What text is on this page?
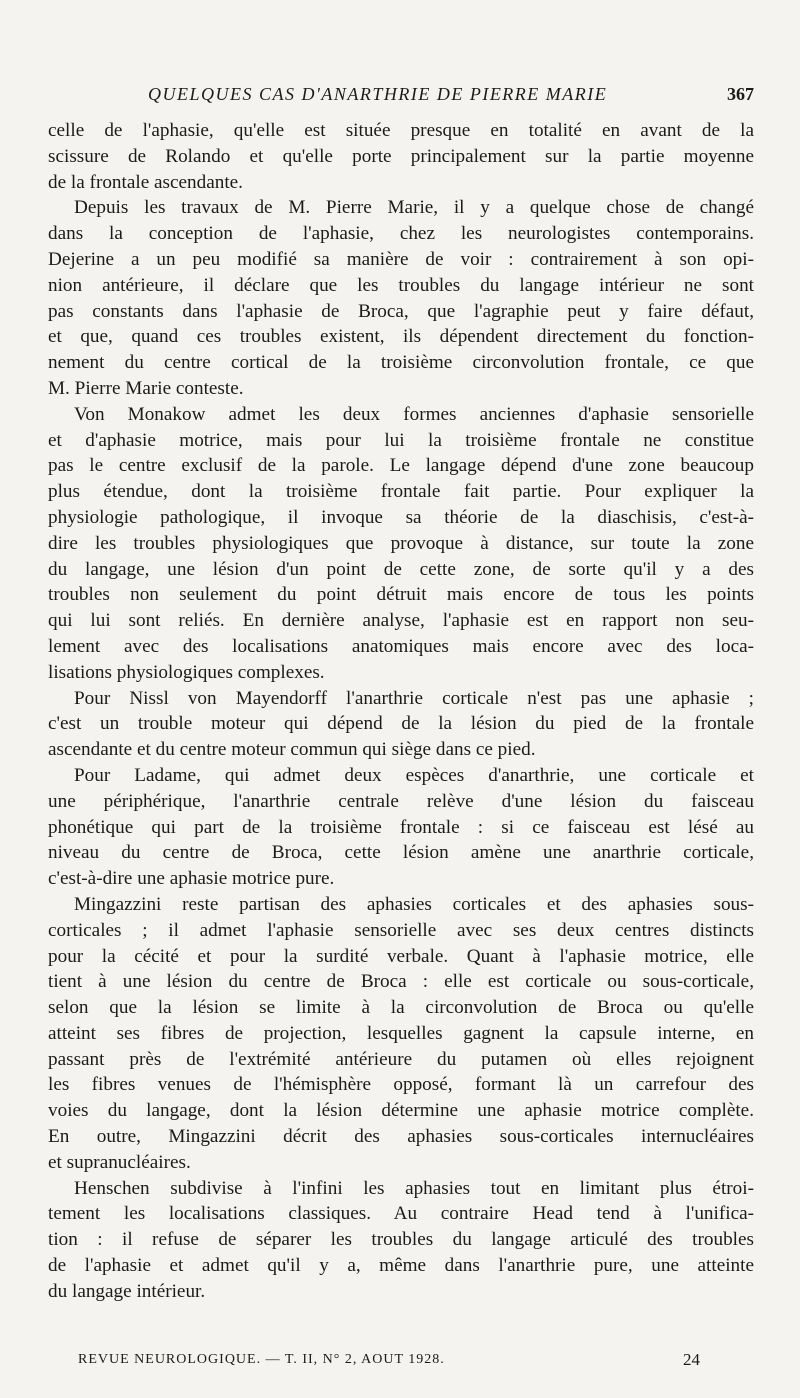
QUELQUES CAS D'ANARTHRIE DE PIERRE MARIE	367
celle de l'aphasie, qu'elle est située presque en totalité en avant de la
scissure de Rolando et qu'elle porte principalement sur la partie moyenne
de la frontale ascendante.
Depuis les travaux de M. Pierre Marie, il y a quelque chose de changé
dans la conception de l'aphasie, chez les neurologistes contemporains.
Dejerine a un peu modifié sa manière de voir : contrairement à son opi-
nion antérieure, il déclare que les troubles du langage intérieur ne sont
pas constants dans l'aphasie de Broca, que l'agraphie peut y faire défaut,
et que, quand ces troubles existent, ils dépendent directement du fonction-
nement du centre cortical de la troisième circonvolution frontale, ce que
M. Pierre Marie conteste.
Von Monakow admet les deux formes anciennes d'aphasie sensorielle
et d'aphasie motrice, mais pour lui la troisième frontale ne constitue
pas le centre exclusif de la parole. Le langage dépend d'une zone beaucoup
plus étendue, dont la troisième frontale fait partie. Pour expliquer la
physiologie pathologique, il invoque sa théorie de la diaschisis, c'est-à-
dire les troubles physiologiques que provoque à distance, sur toute la zone
du langage, une lésion d'un point de cette zone, de sorte qu'il y a des
troubles non seulement du point détruit mais encore de tous les points
qui lui sont reliés. En dernière analyse, l'aphasie est en rapport non seu-
lement avec des localisations anatomiques mais encore avec des loca-
lisations physiologiques complexes.
Pour Nissl von Mayendorff l'anarthrie corticale n'est pas une aphasie ;
c'est un trouble moteur qui dépend de la lésion du pied de la frontale
ascendante et du centre moteur commun qui siège dans ce pied.
Pour Ladame, qui admet deux espèces d'anarthrie, une corticale et
une périphérique, l'anarthrie centrale relève d'une lésion du faisceau
phonétique qui part de la troisième frontale : si ce faisceau est lésé au
niveau du centre de Broca, cette lésion amène une anarthrie corticale,
c'est-à-dire une aphasie motrice pure.
Mingazzini reste partisan des aphasies corticales et des aphasies sous-
corticales ; il admet l'aphasie sensorielle avec ses deux centres distincts
pour la cécité et pour la surdité verbale. Quant à l'aphasie motrice, elle
tient à une lésion du centre de Broca : elle est corticale ou sous-corticale,
selon que la lésion se limite à la circonvolution de Broca ou qu'elle
atteint ses fibres de projection, lesquelles gagnent la capsule interne, en
passant près de l'extrémité antérieure du putamen où elles rejoignent
les fibres venues de l'hémisphère opposé, formant là un carrefour des
voies du langage, dont la lésion détermine une aphasie motrice complète.
En outre, Mingazzini décrit des aphasies sous-corticales internucléaires
et supranucléaires.
Henschen subdivise à l'infini les aphasies tout en limitant plus étroi-
tement les localisations classiques. Au contraire Head tend à l'unifica-
tion : il refuse de séparer les troubles du langage articulé des troubles
de l'aphasie et admet qu'il y a, même dans l'anarthrie pure, une atteinte
du langage intérieur.
REVUE NEUROLOGIQUE. — T. II, N° 2, AOUT 1928.	24
